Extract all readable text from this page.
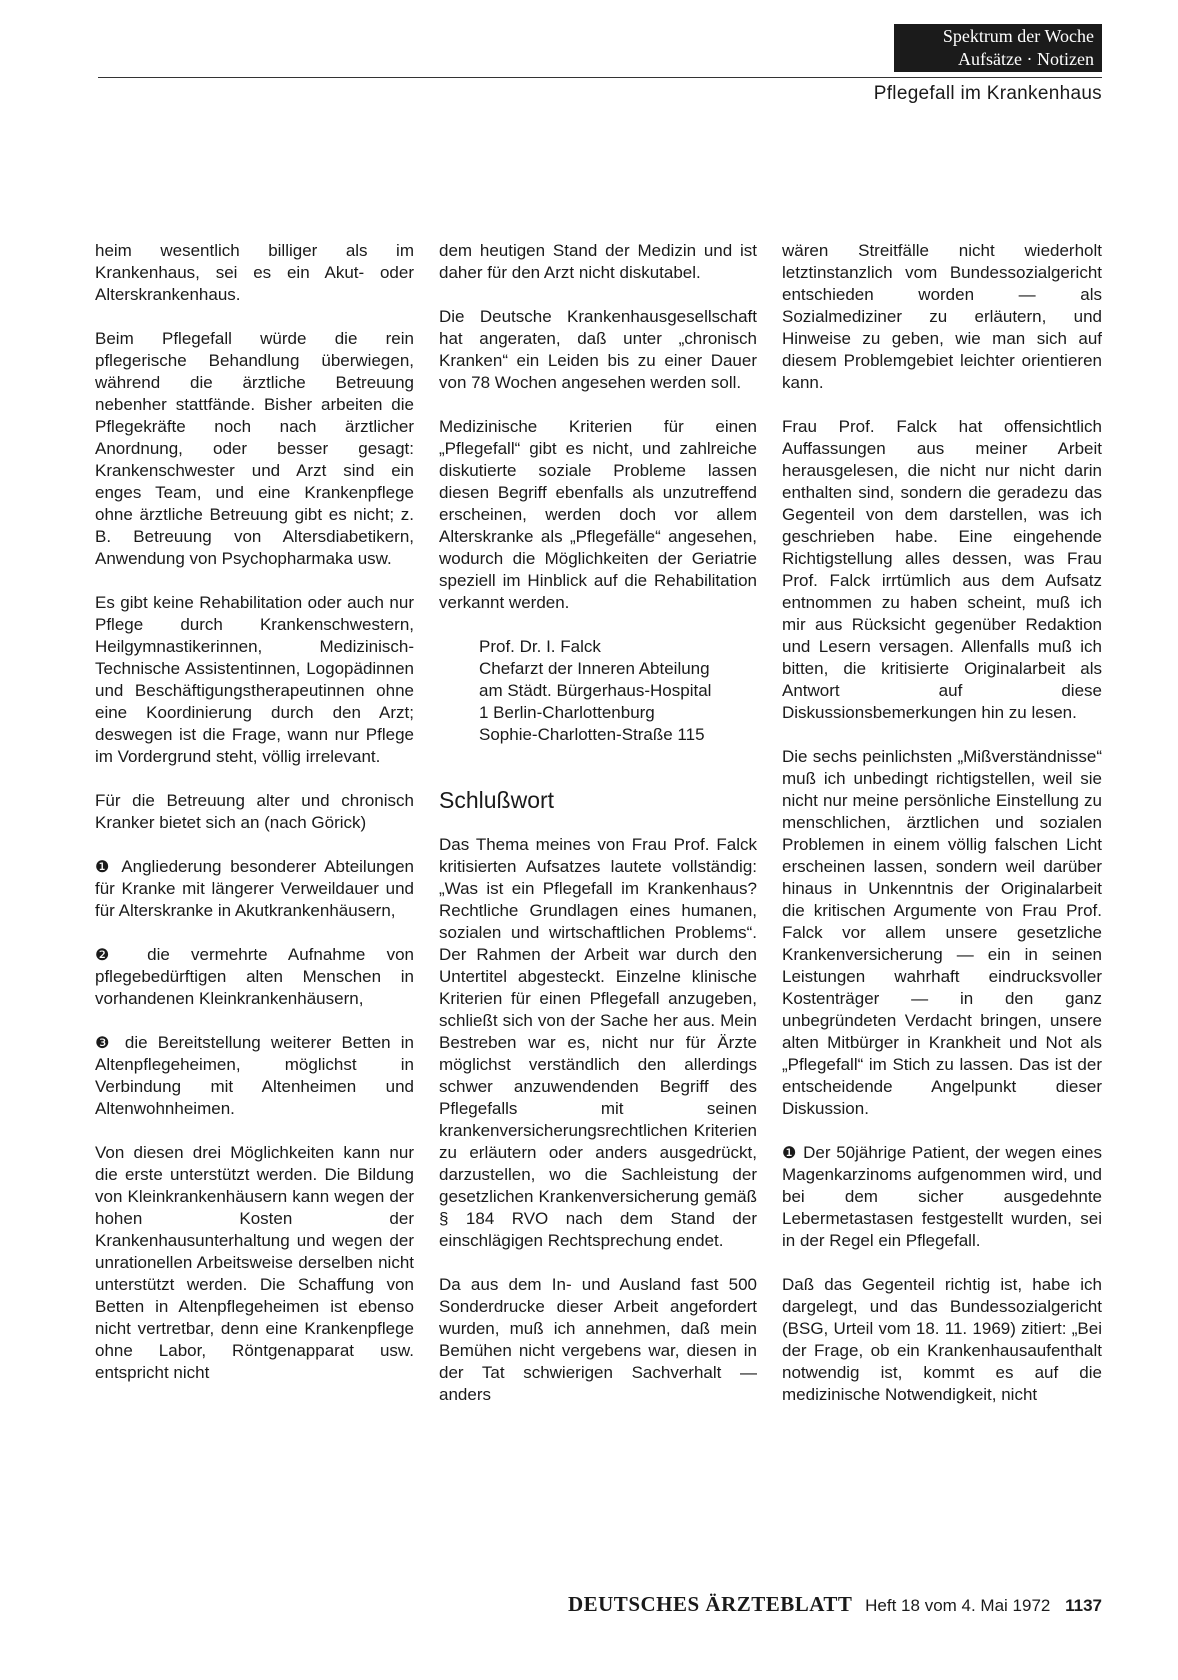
Spektrum der Woche
Aufsätze · Notizen
Pflegefall im Krankenhaus

heim wesentlich billiger als im Krankenhaus, sei es ein Akut- oder Alterskrankenhaus.

Beim Pflegefall würde die rein pflegerische Behandlung überwiegen, während die ärztliche Betreuung nebenher stattfände. Bisher arbeiten die Pflegekräfte noch nach ärztlicher Anordnung, oder besser gesagt: Krankenschwester und Arzt sind ein enges Team, und eine Krankenpflege ohne ärztliche Betreuung gibt es nicht; z. B. Betreuung von Altersdiabetikern, Anwendung von Psychopharmaka usw.

Es gibt keine Rehabilitation oder auch nur Pflege durch Krankenschwestern, Heilgymnastikerinnen, Medizinisch-Technische Assistentinnen, Logopädinnen und Beschäftigungstherapeutinnen ohne eine Koordinierung durch den Arzt; deswegen ist die Frage, wann nur Pflege im Vordergrund steht, völlig irrelevant.

Für die Betreuung alter und chronisch Kranker bietet sich an (nach Görick)

❶ Angliederung besonderer Abteilungen für Kranke mit längerer Verweildauer und für Alterskranke in Akutkrankenhäusern,

❷ die vermehrte Aufnahme von pflegebedürftigen alten Menschen in vorhandenen Kleinkrankenhäusern,

❸ die Bereitstellung weiterer Betten in Altenpflegeheimen, möglichst in Verbindung mit Altenheimen und Altenwohnheimen.

Von diesen drei Möglichkeiten kann nur die erste unterstützt werden. Die Bildung von Kleinkrankenhäusern kann wegen der hohen Kosten der Krankenhausunterhaltung und wegen der unrationellen Arbeitsweise derselben nicht unterstützt werden. Die Schaffung von Betten in Altenpflegeheimen ist ebenso nicht vertretbar, denn eine Krankenpflege ohne Labor, Röntgenapparat usw. entspricht nicht

dem heutigen Stand der Medizin und ist daher für den Arzt nicht diskutabel.

Die Deutsche Krankenhausgesellschaft hat angeraten, daß unter „chronisch Kranken“ ein Leiden bis zu einer Dauer von 78 Wochen angesehen werden soll.

Medizinische Kriterien für einen „Pflegefall“ gibt es nicht, und zahlreiche diskutierte soziale Probleme lassen diesen Begriff ebenfalls als unzutreffend erscheinen, werden doch vor allem Alterskranke als „Pflegefälle“ angesehen, wodurch die Möglichkeiten der Geriatrie speziell im Hinblick auf die Rehabilitation verkannt werden.

Prof. Dr. I. Falck
Chefarzt der Inneren Abteilung
am Städt. Bürgerhaus-Hospital
1 Berlin-Charlottenburg
Sophie-Charlotten-Straße 115
Schlußwort

Das Thema meines von Frau Prof. Falck kritisierten Aufsatzes lautete vollständig: „Was ist ein Pflegefall im Krankenhaus? Rechtliche Grundlagen eines humanen, sozialen und wirtschaftlichen Problems“. Der Rahmen der Arbeit war durch den Untertitel abgesteckt. Einzelne klinische Kriterien für einen Pflegefall anzugeben, schließt sich von der Sache her aus. Mein Bestreben war es, nicht nur für Ärzte möglichst verständlich den allerdings schwer anzuwendenden Begriff des Pflegefalls mit seinen krankenversicherungsrechtlichen Kriterien zu erläutern oder anders ausgedrückt, darzustellen, wo die Sachleistung der gesetzlichen Krankenversicherung gemäß § 184 RVO nach dem Stand der einschlägigen Rechtsprechung endet.

Da aus dem In- und Ausland fast 500 Sonderdrucke dieser Arbeit angefordert wurden, muß ich annehmen, daß mein Bemühen nicht vergebens war, diesen in der Tat schwierigen Sachverhalt — anders

wären Streitfälle nicht wiederholt letztinstanzlich vom Bundessozialgericht entschieden worden — als Sozialmediziner zu erläutern, und Hinweise zu geben, wie man sich auf diesem Problemgebiet leichter orientieren kann.

Frau Prof. Falck hat offensichtlich Auffassungen aus meiner Arbeit herausgelesen, die nicht nur nicht darin enthalten sind, sondern die geradezu das Gegenteil von dem darstellen, was ich geschrieben habe. Eine eingehende Richtigstellung alles dessen, was Frau Prof. Falck irrtümlich aus dem Aufsatz entnommen zu haben scheint, muß ich mir aus Rücksicht gegenüber Redaktion und Lesern versagen. Allenfalls muß ich bitten, die kritisierte Originalarbeit als Antwort auf diese Diskussionsbemerkungen hin zu lesen.

Die sechs peinlichsten „Mißverständnisse“ muß ich unbedingt richtigstellen, weil sie nicht nur meine persönliche Einstellung zu menschlichen, ärztlichen und sozialen Problemen in einem völlig falschen Licht erscheinen lassen, sondern weil darüber hinaus in Unkenntnis der Originalarbeit die kritischen Argumente von Frau Prof. Falck vor allem unsere gesetzliche Krankenversicherung — ein in seinen Leistungen wahrhaft eindrucksvoller Kostenträger — in den ganz unbegründeten Verdacht bringen, unsere alten Mitbürger in Krankheit und Not als „Pflegefall“ im Stich zu lassen. Das ist der entscheidende Angelpunkt dieser Diskussion.

❶ Der 50jährige Patient, der wegen eines Magenkarzinoms aufgenommen wird, und bei dem sicher ausgedehnte Lebermetastasen festgestellt wurden, sei in der Regel ein Pflegefall.

Daß das Gegenteil richtig ist, habe ich dargelegt, und das Bundessozialgericht (BSG, Urteil vom 18. 11. 1969) zitiert: „Bei der Frage, ob ein Krankenhausaufenthalt notwendig ist, kommt es auf die medizinische Notwendigkeit, nicht

DEUTSCHES ÄRZTEBLATT Heft 18 vom 4. Mai 1972 1137
